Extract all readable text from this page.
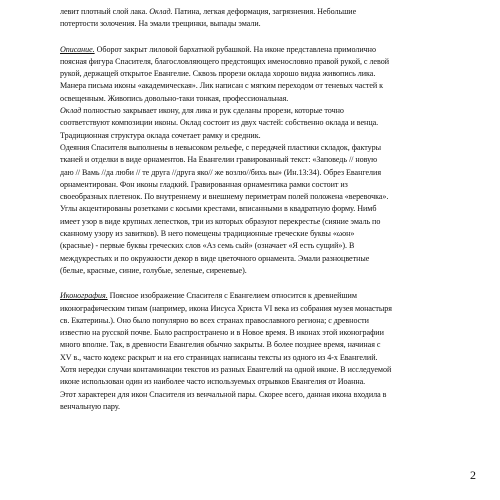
левит плотный слой лака. Оклад. Патина, легкая деформация, загрязнения. Небольшие
потертости золочения. На эмали трещинки, выпады эмали.
Описание. Оборот закрыт лиловой бархатной рубашкой. На иконе представлена примолично
поясная фигура Спасителя, благословляющего предстоящих именословно правой рукой, с левой
рукой, держащей открытое Евангелие. Сквозь прорези оклада хорошо видна живопись лика.
Манера письма иконы «академическая». Лик написан с мягким переходом от теневых частей к
освещенным. Живопись довольно-таки тонкая, профессиональная.
Оклад полностью закрывает икону, для лика и рук сделаны прорези, которые точно
соответствуют композиции иконы. Оклад состоит из двух частей: собственно оклада и венца.
Традиционная структура оклада сочетает рамку и средник.
Одеяния Спасителя выполнены в невысоком рельефе, с передачей пластики складок, фактуры
тканей и отделки в виде орнаментов. На Евангелии гравированный текст: «Заповедь // новую
даю // Вамь //да люби // те друга //друга яко// же возлю//бихь вы» (Ин.13:34). Обрез Евангелия
орнаментирован. Фон иконы гладкий. Гравированная орнаментика рамки состоит из
своеобразных плетенок. По внутреннему и внешнему периметрам полей положена «веревочка».
Углы акцентированы розетками с косыми крестами, вписанными в квадратную форму. Нимб
имеет узор в виде крупных лепестков, три из которых образуют перекрестье (сияние эмаль по
сканному узору из завитков). В него помещены традиционные греческие буквы «ωон»
(красные) - первые буквы греческих слов «Аз семь сый» (означает «Я есть сущий»). В
междукрестьях и по окружности декор в виде цветочного орнамента. Эмали разноцветные
(белые, красные, синие, голубые, зеленые, сиреневые).
Иконография. Поясное изображение Спасителя с Евангелием относится к древнейшим
иконографическим типам (например, икона Иисуса Христа VI века из собрания музея монастыря
св. Екатерины.). Оно было популярно во всех странах православного региона; с древности
известно на русской почве. Было распространено и в Новое время. В иконах этой иконографии
много вполне. Так, в древности Евангелия обычно закрыты. В более позднее время, начиная с
XV в., часто кодекс раскрыт и на его страницах написаны тексты из одного из 4-х Евангелий.
Хотя нередки случаи контаминации текстов из разных Евангелий на одной иконе. В исследуемой
иконе использован один из наиболее часто используемых отрывков Евангелия от Иоанна.
Этот характерен для икон Спасителя из венчальной пары. Скорее всего, данная икона входила в
венчальную пару.
2
